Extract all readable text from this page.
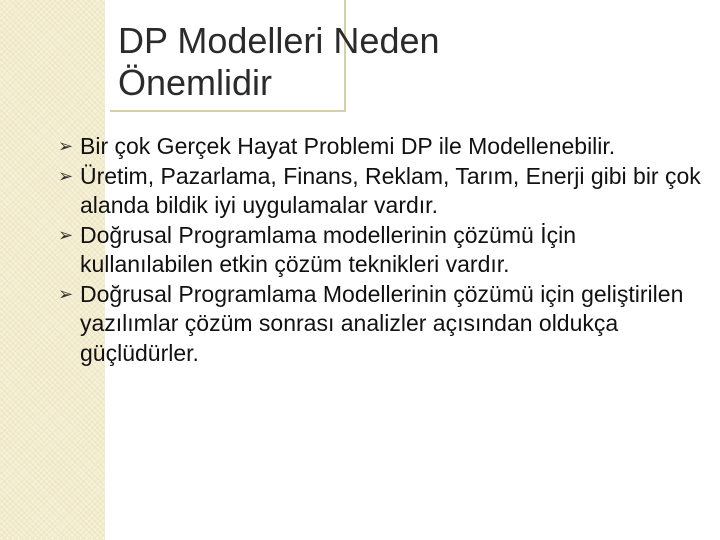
DP Modelleri Neden
Önemlidir
➢ Bir çok Gerçek Hayat Problemi DP ile Modellenebilir.
➢ Üretim, Pazarlama, Finans, Reklam, Tarım, Enerji gibi bir çok alanda bildik iyi uygulamalar vardır.
➢ Doğrusal Programlama modellerinin çözümü İçin kullanılabilen etkin çözüm teknikleri vardır.
➢ Doğrusal Programlama Modellerinin çözümü için geliştirilen yazılımlar çözüm sonrası analizler açısından oldukça güçlüdürler.
